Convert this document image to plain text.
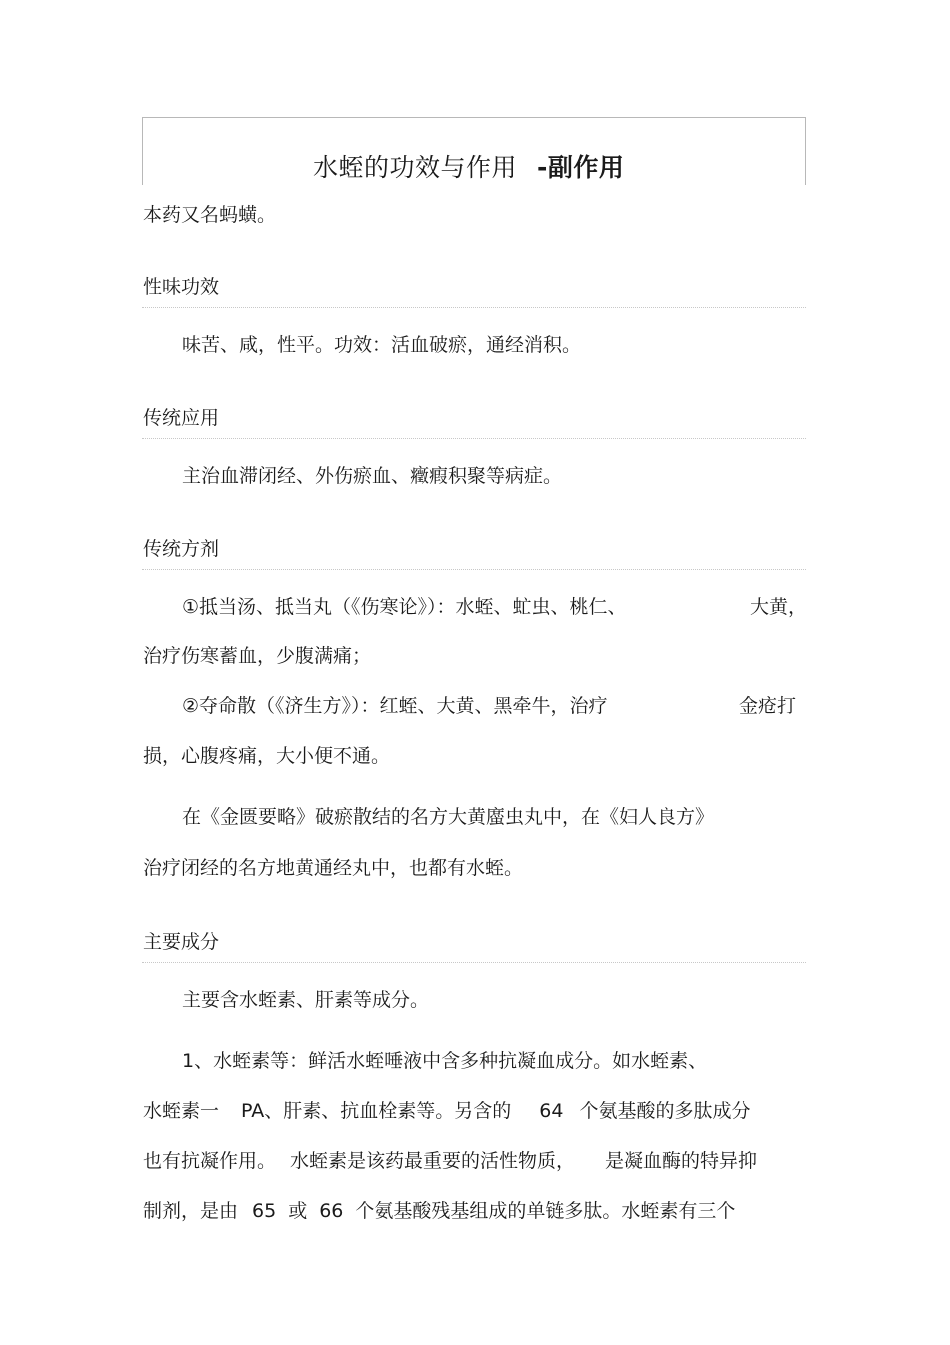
水蛭的功效与作用 -副作用
本药又名蚂蟥。
性味功效
味苦、咸，性平。功效：活血破瘀，通经消积。
传统应用
主治血滞闭经、外伤瘀血、癥瘕积聚等病症。
传统方剂
①抵当汤、抵当丸（《伤寒论》）：水蛭、虻虫、桃仁、	大黄，
治疗伤寒蓄血，少腹满痛；
②夺命散（《济生方》）：红蛭、大黄、黑牵牛，治疗	金疮打
损，心腹疼痛，大小便不通。
在《金匮要略》破瘀散结的名方大黄䗪虫丸中，在《妇人良方》
治疗闭经的名方地黄通经丸中，也都有水蛭。
主要成分
主要含水蛭素、肝素等成分。
1、水蛭素等：鲜活水蛭唾液中含多种抗凝血成分。如水蛭素、
水蛭素一 PA、肝素、抗血栓素等。另含的 64 个氨基酸的多肽成分
也有抗凝作用。 水蛭素是该药最重要的活性物质， 是凝血酶的特异抑
制剂，是由 65 或 66 个氨基酸残基组成的单链多肽。水蛭素有三个
